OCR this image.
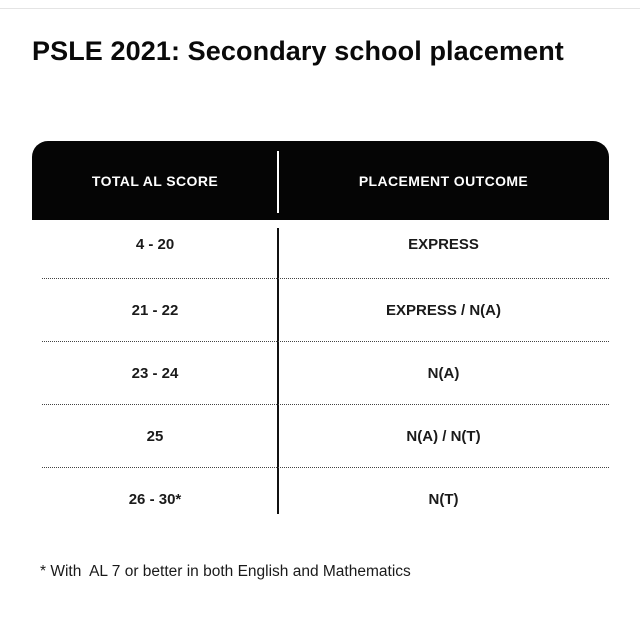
PSLE 2021: Secondary school placement
TOTAL AL SCORE	PLACEMENT OUTCOME
4 - 20	EXPRESS
21 - 22	EXPRESS / N(A)
23 - 24	N(A)
25	N(A) / N(T)
26 - 30*	N(T)

* With  AL 7 or better in both English and Mathematics
